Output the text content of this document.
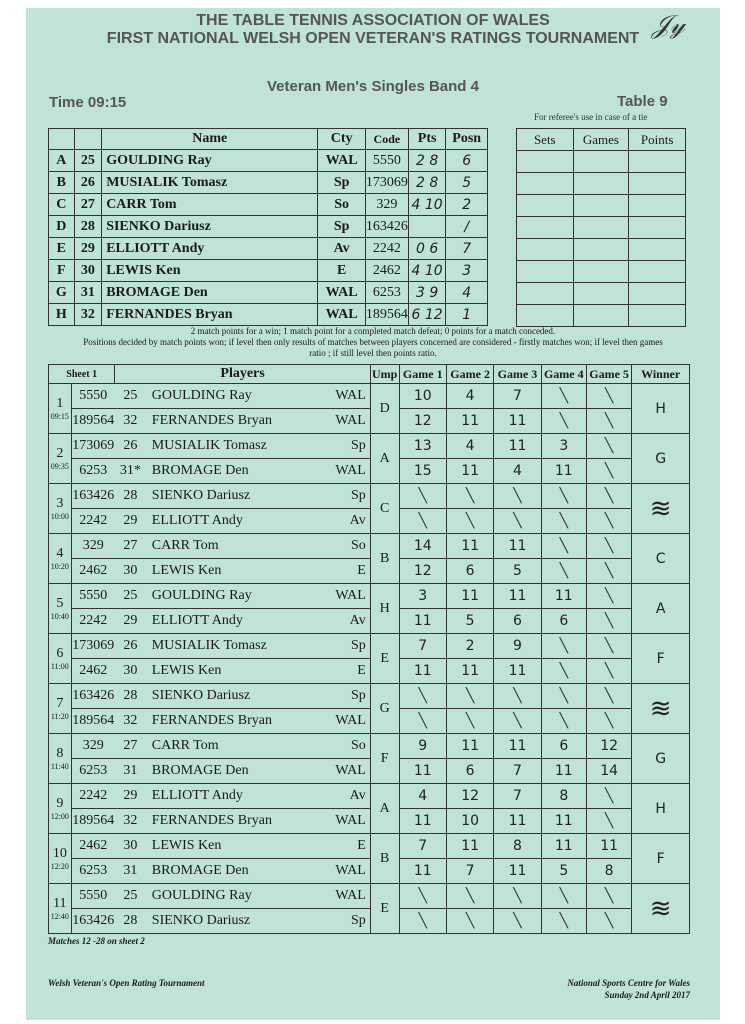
𝒥𝓎
THE TABLE TENNIS ASSOCIATION OF WALES
FIRST NATIONAL WELSH OPEN VETERAN'S RATINGS TOURNAMENT
Veteran Men's Singles Band 4
Time 09:15	Table 9
For referee's use in case of a tie
		Name	Cty	Code	Pts	Posn
A	25	GOULDING Ray	WAL	5550	2 8	6
B	26	MUSIALIK Tomasz	Sp	173069	2 8	5
C	27	CARR Tom	So	329	4 10	2
D	28	SIENKO Dariusz	Sp	163426		/
E	29	ELLIOTT Andy	Av	2242	0 6	7
F	30	LEWIS Ken	E	2462	4 10	3
G	31	BROMAGE Den	WAL	6253	3 9	4
H	32	FERNANDES Bryan	WAL	189564	6 12	1
Sets	Games	Points

2 match points for a win; 1 match point for a completed match defeat; 0 points for a match conceded.
Positions decided by match points won; if level then only results of matches between players concerned are considered - firstly matches won; if level then games
ratio ; if still level then points ratio.
Sheet 1		Players			Ump	Game 1	Game 2	Game 3	Game 4	Game 5	Winner

1
09:15	5550	25	GOULDING Ray	WAL	D	10	4	7	╲	╲	H
	189564	32	FERNANDES Bryan	WAL		12	11	11	╲	╲	

2
09:35	173069	26	MUSIALIK Tomasz	Sp	A	13	4	11	3	╲	G
	6253	31*	BROMAGE Den	WAL		15	11	4	11	╲	

3
10:00	163426	28	SIENKO Dariusz	Sp	C	╲	╲	╲	╲	╲	≋
	2242	29	ELLIOTT Andy	Av		╲	╲	╲	╲	╲	

4
10:20	329	27	CARR Tom	So	B	14	11	11	╲	╲	C
	2462	30	LEWIS Ken	E		12	6	5	╲	╲	

5
10:40	5550	25	GOULDING Ray	WAL	H	3	11	11	11	╲	A
	2242	29	ELLIOTT Andy	Av		11	5	6	6	╲	

6
11:00	173069	26	MUSIALIK Tomasz	Sp	E	7	2	9	╲	╲	F
	2462	30	LEWIS Ken	E		11	11	11	╲	╲	

7
11:20	163426	28	SIENKO Dariusz	Sp	G	╲	╲	╲	╲	╲	≋
	189564	32	FERNANDES Bryan	WAL		╲	╲	╲	╲	╲	

8
11:40	329	27	CARR Tom	So	F	9	11	11	6	12	G
	6253	31	BROMAGE Den	WAL		11	6	7	11	14	

9
12:00	2242	29	ELLIOTT Andy	Av	A	4	12	7	8	╲	H
	189564	32	FERNANDES Bryan	WAL		11	10	11	11	╲	

10
12:20	2462	30	LEWIS Ken	E	B	7	11	8	11	11	F
	6253	31	BROMAGE Den	WAL		11	7	11	5	8	

11
12:40	5550	25	GOULDING Ray	WAL	E	╲	╲	╲	╲	╲	≋
	163426	28	SIENKO Dariusz	Sp		╲	╲	╲	╲	╲	
Matches 12 -28 on sheet 2
Welsh Veteran's Open Rating Tournament	National Sports Centre for Wales
Sunday 2nd April 2017
